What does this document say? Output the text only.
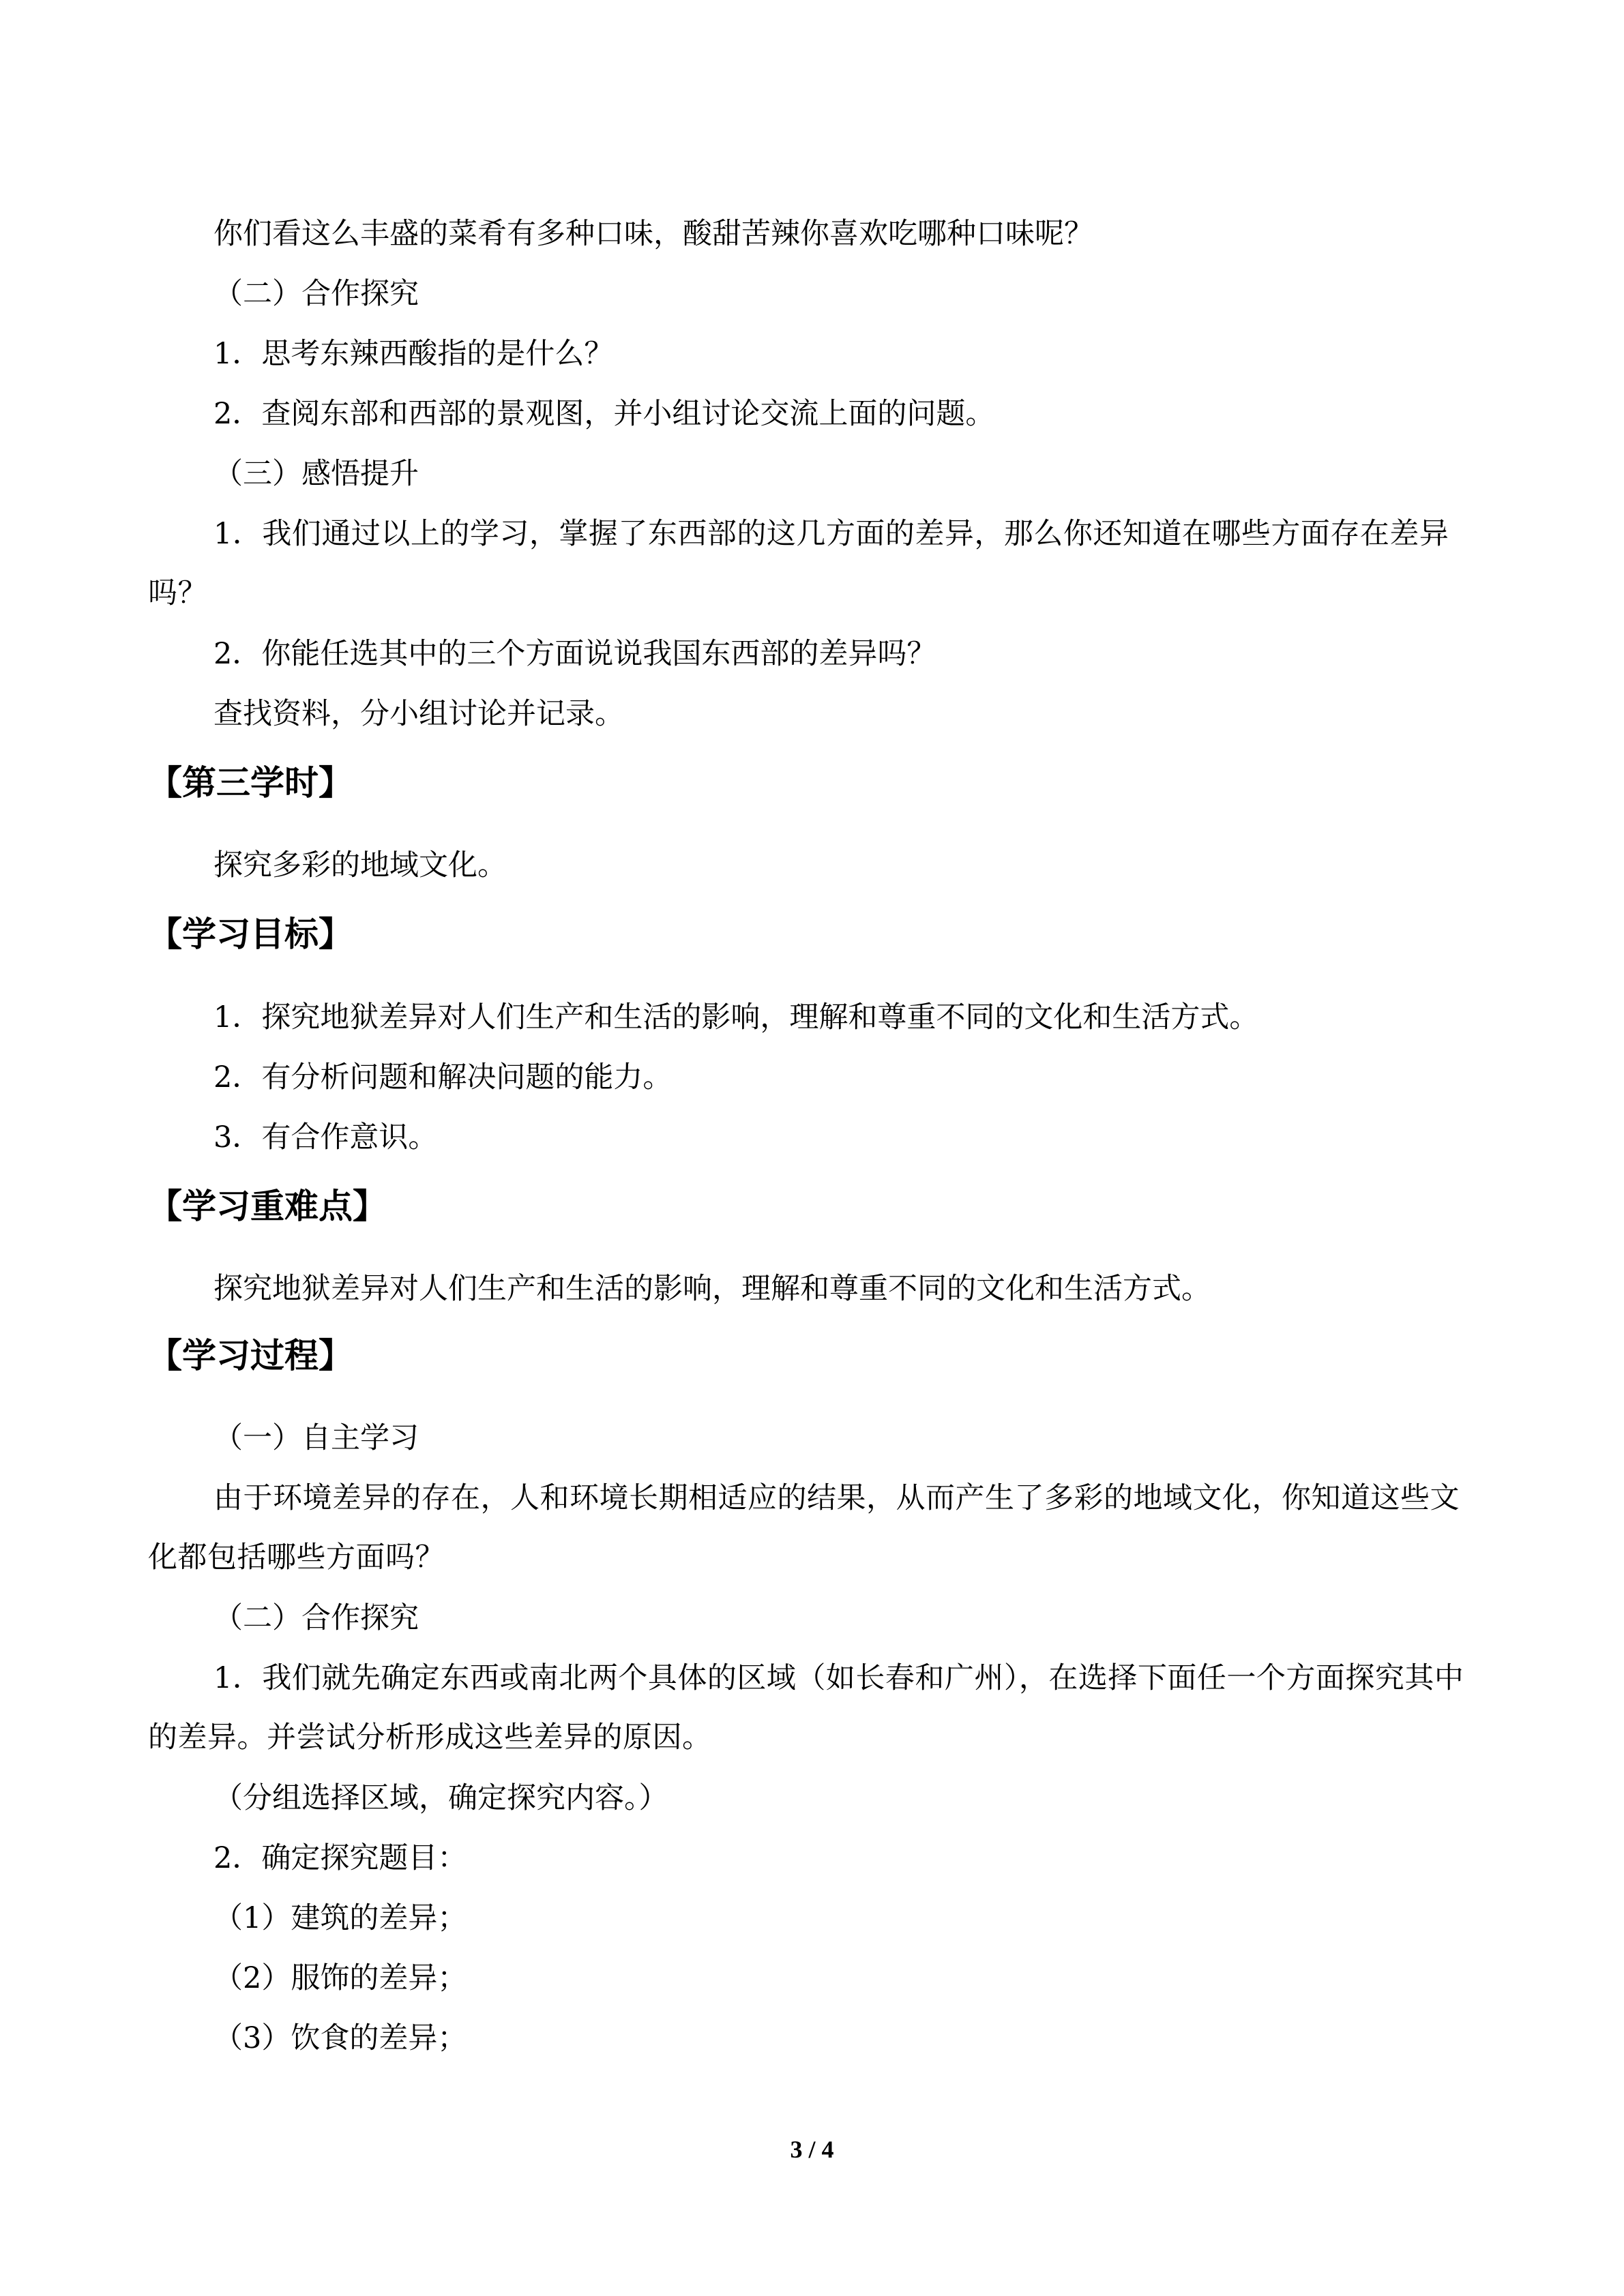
你们看这么丰盛的菜肴有多种口味，酸甜苦辣你喜欢吃哪种口味呢？
（二）合作探究
1．思考东辣西酸指的是什么？
2．查阅东部和西部的景观图，并小组讨论交流上面的问题。
（三）感悟提升
1．我们通过以上的学习，掌握了东西部的这几方面的差异，那么你还知道在哪些方面存在差异吗？
2．你能任选其中的三个方面说说我国东西部的差异吗？
查找资料，分小组讨论并记录。
【第三学时】
探究多彩的地域文化。
【学习目标】
1．探究地狱差异对人们生产和生活的影响，理解和尊重不同的文化和生活方式。
2．有分析问题和解决问题的能力。
3．有合作意识。
【学习重难点】
探究地狱差异对人们生产和生活的影响，理解和尊重不同的文化和生活方式。
【学习过程】
（一）自主学习
由于环境差异的存在，人和环境长期相适应的结果，从而产生了多彩的地域文化，你知道这些文化都包括哪些方面吗？
（二）合作探究
1．我们就先确定东西或南北两个具体的区域（如长春和广州），在选择下面任一个方面探究其中的差异。并尝试分析形成这些差异的原因。
（分组选择区域，确定探究内容。）
2．确定探究题目：
（1）建筑的差异；
（2）服饰的差异；
（3）饮食的差异；
3 / 4
